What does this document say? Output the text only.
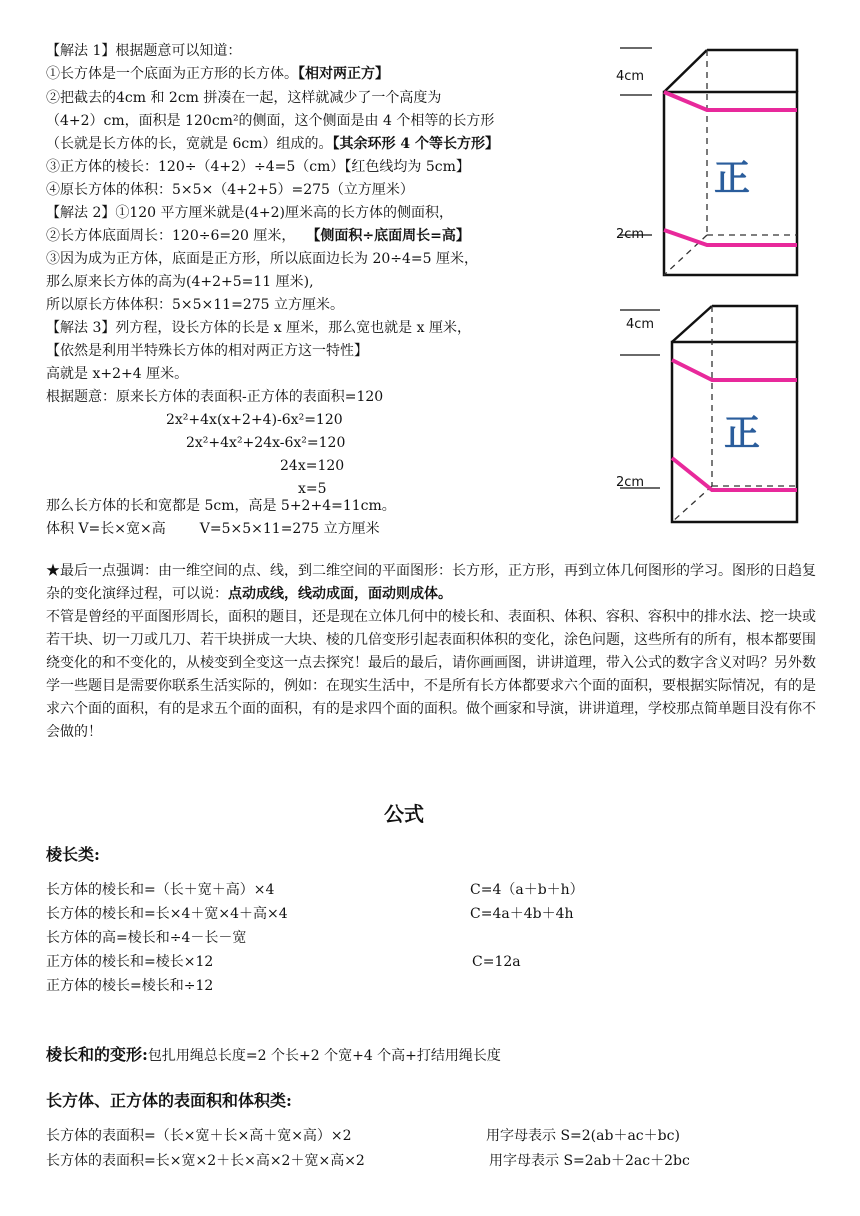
【解法 1】根据题意可以知道：
①长方体是一个底面为正方形的长方体。【相对两正方】
②把截去的4cm 和 2cm 拼凑在一起，这样就减少了一个高度为
（4+2）cm，面积是 120cm²的侧面，这个侧面是由 4 个相等的长方形
（长就是长方体的长，宽就是 6cm）组成的。【其余环形 4 个等长方形】
③正方体的棱长：120÷（4+2）÷4=5（cm）【红色线均为 5cm】
④原长方体的体积：5×5×（4+2+5）=275（立方厘米）
【解法 2】①120 平方厘米就是(4+2)厘米高的长方体的侧面积，
②长方体底面周长：120÷6=20 厘米， 【侧面积÷底面周长=高】
③因为成为正方体，底面是正方形，所以底面边长为 20÷4=5 厘米，
那么原来长方体的高为(4+2+5=11 厘米),
所以原长方体体积：5×5×11=275 立方厘米。
【解法 3】列方程，设长方体的长是 x 厘米，那么宽也就是 x 厘米，
【依然是利用半特殊长方体的相对两正方这一特性】
高就是 x+2+4 厘米。
根据题意：原来长方体的表面积-正方体的表面积=120
2x²+4x(x+2+4)-6x²=120
2x²+4x²+24x-6x²=120
24x=120
x=5
那么长方体的长和宽都是 5cm，高是 5+2+4=11cm。
体积 V=长×宽×高 V=5×5×11=275 立方厘米
4cm
2cm
正
4cm
2cm
正
★最后一点强调：由一维空间的点、线，到二维空间的平面图形：长方形，正方形，再到立体几何图形的学习。图形的日趋复杂的变化演绎过程，可以说：点动成线，线动成面，面动则成体。
不管是曾经的平面图形周长，面积的题目，还是现在立体几何中的棱长和、表面积、体积、容积、容积中的排水法、挖一块或若干块、切一刀或几刀、若干块拼成一大块、棱的几倍变形引起表面积体积的变化，涂色问题，这些所有的所有，根本都要围绕变化的和不变化的，从棱变到全变这一点去探究！最后的最后，请你画画图，讲讲道理，带入公式的数字含义对吗？另外数学一些题目是需要你联系生活实际的，例如：在现实生活中，不是所有长方体都要求六个面的面积，要根据实际情况，有的是求六个面的面积，有的是求五个面的面积，有的是求四个面的面积。做个画家和导演，讲讲道理，学校那点简单题目没有你不会做的！
公式
棱长类:
长方体的棱长和=（长＋宽＋高）×4	C=4（a＋b＋h）
长方体的棱长和=长×4＋宽×4＋高×4	C=4a＋4b＋4h
长方体的高=棱长和÷4－长－宽
正方体的棱长和=棱长×12	C=12a
正方体的棱长=棱长和÷12
棱长和的变形:包扎用绳总长度=2 个长+2 个宽+4 个高+打结用绳长度
长方体、正方体的表面积和体积类:
长方体的表面积=（长×宽＋长×高＋宽×高）×2	用字母表示 S=2(ab＋ac＋bc)
长方体的表面积=长×宽×2＋长×高×2＋宽×高×2	用字母表示 S=2ab＋2ac＋2bc
